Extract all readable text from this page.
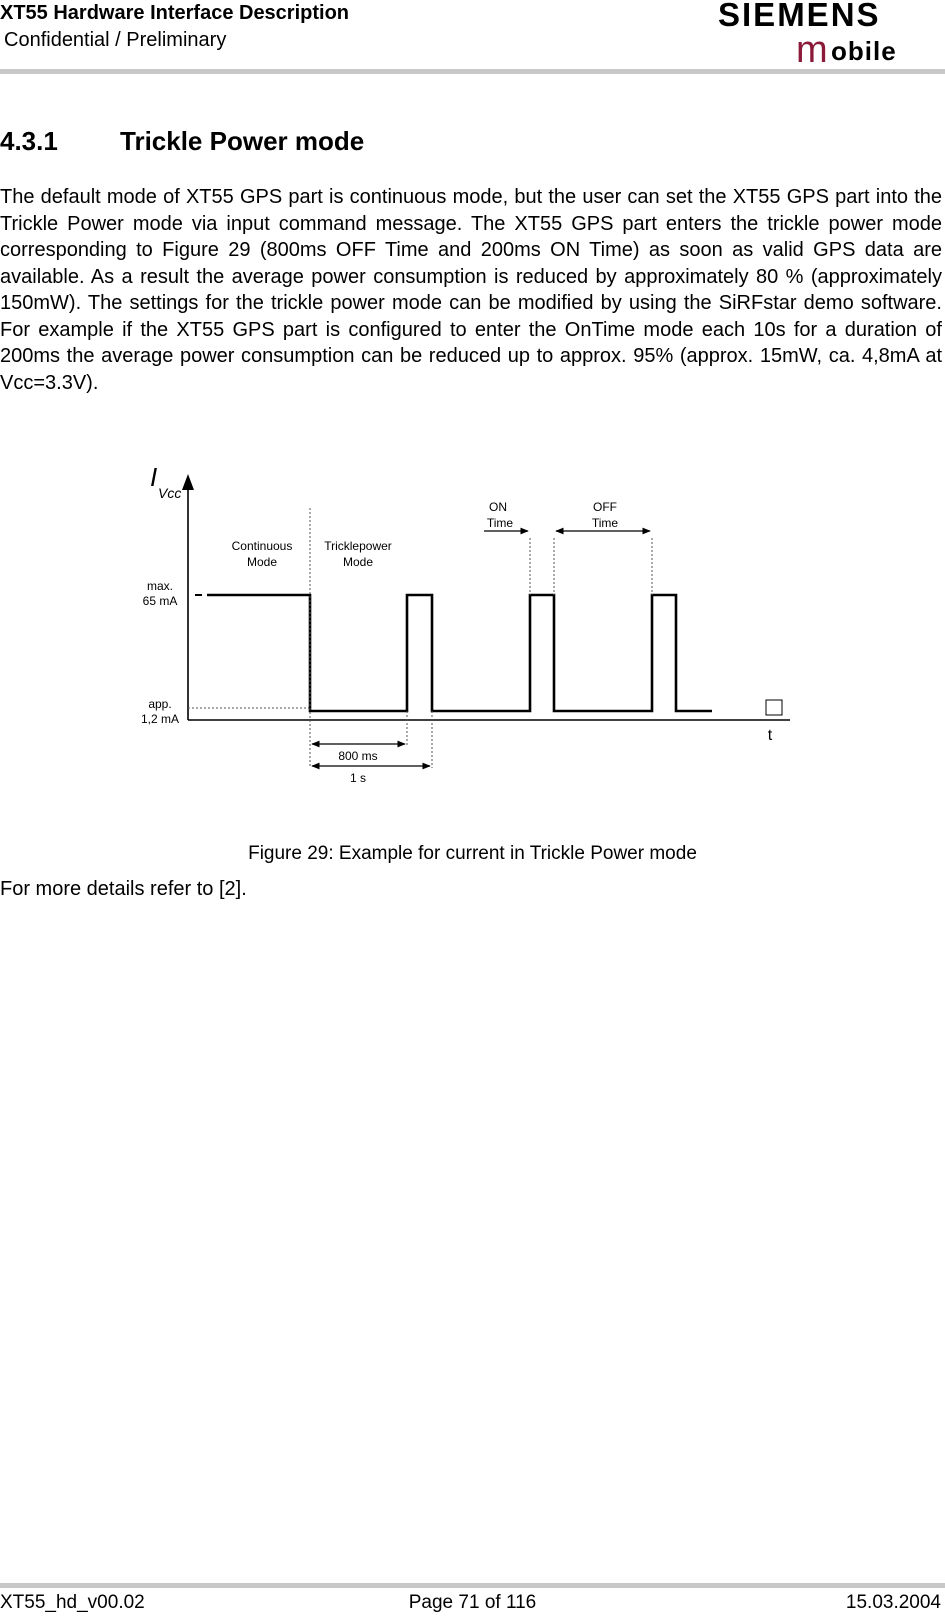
XT55 Hardware Interface Description
Confidential / Preliminary
SIEMENS
m obile
4.3.1 Trickle Power mode
The default mode of XT55 GPS part is continuous mode, but the user can set the XT55 GPS part into the Trickle Power mode via input command message. The XT55 GPS part enters the trickle power mode corresponding to Figure 29 (800ms OFF Time and 200ms ON Time) as soon as valid GPS data are available. As a result the average power consumption is reduced by approximately 80 % (approximately 150mW). The settings for the trickle power mode can be modified by using the SiRFstar demo software. For example if the XT55 GPS part is configured to enter the OnTime mode each 10s for a duration of 200ms the average power consumption can be reduced up to approx. 95% (approx. 15mW, ca. 4,8mA at Vcc=3.3V).
I
Vcc
max.
65 mA
app.
1,2 mA
Continuous
Mode
Tricklepower
Mode
ON
Time
OFF
Time
800 ms
1 s
t
Figure 29: Example for current in Trickle Power mode
For more details refer to [2].
XT55_hd_v00.02	Page 71 of 116	15.03.2004
